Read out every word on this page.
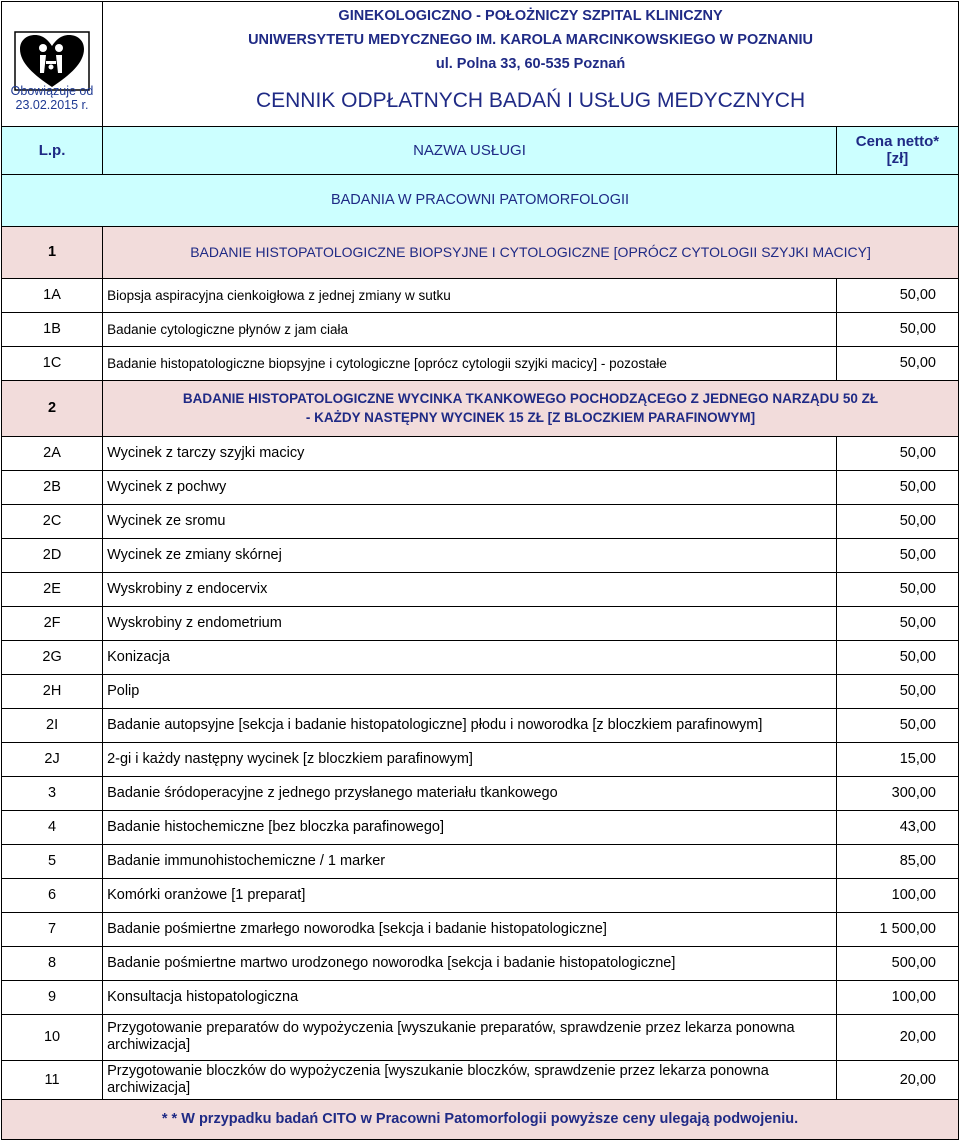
GINEKOLOGICZNO - POŁOŻNICZY SZPITAL KLINICZNY
UNIWERSYTETU MEDYCZNEGO IM. KAROLA MARCINKOWSKIEGO W POZNANIU
ul. Polna 33, 60-535 Poznań	

	CENNIK ODPŁATNYCH BADAŃ I USŁUG MEDYCZNYCH	
L.p.	NAZWA USŁUGI	Cena netto*
[zł]

BADANIA W PRACOWNI PATOMORFOLOGII		
1	BADANIE HISTOPATOLOGICZNE BIOPSYJNE I CYTOLOGICZNE [OPRÓCZ CYTOLOGII SZYJKI MACICY]	
1A	Biopsja aspiracyjna cienkoigłowa z jednej zmiany w sutku	50,00
1B	Badanie cytologiczne płynów z jam ciała	50,00
1C	Badanie histopatologiczne biopsyjne i cytologiczne [oprócz cytologii szyjki macicy] - pozostałe	50,00
2	BADANIE HISTOPATOLOGICZNE WYCINKA TKANKOWEGO POCHODZĄCEGO Z JEDNEGO NARZĄDU 50 ZŁ
- KAŻDY NASTĘPNY WYCINEK 15 ZŁ [Z BLOCZKIEM PARAFINOWYM]	

2A	Wycinek z tarczy szyjki macicy	50,00
2B	Wycinek z pochwy	50,00
2C	Wycinek ze sromu	50,00
2D	Wycinek ze zmiany skórnej	50,00
2E	Wyskrobiny z endocervix	50,00
2F	Wyskrobiny z endometrium	50,00
2G	Konizacja	50,00
2H	Polip	50,00
2I	Badanie autopsyjne [sekcja i badanie histopatologiczne] płodu i noworodka [z bloczkiem parafinowym]	50,00
2J	2-gi i każdy następny wycinek [z bloczkiem parafinowym]	15,00
3	Badanie śródoperacyjne z jednego przysłanego materiału tkankowego	300,00
4	Badanie histochemiczne [bez bloczka parafinowego]	43,00
5	Badanie immunohistochemiczne / 1 marker	85,00
6	Komórki oranżowe [1 preparat]	100,00
7	Badanie pośmiertne zmarłego noworodka [sekcja i badanie histopatologiczne]	1 500,00
8	Badanie pośmiertne martwo urodzonego noworodka [sekcja i badanie histopatologiczne]	500,00
9	Konsultacja histopatologiczna	100,00
10	Przygotowanie preparatów do wypożyczenia [wyszukanie preparatów, sprawdzenie przez lekarza ponowna
archiwizacja]	20,00
11	Przygotowanie bloczków do wypożyczenia [wyszukanie bloczków, sprawdzenie przez lekarza ponowna archiwizacja]	20,00
* * W przypadku badań CITO w Pracowni Patomorfologii powyższe ceny ulegają podwojeniu.		
Obowiązuje od
23.02.2015 r.
